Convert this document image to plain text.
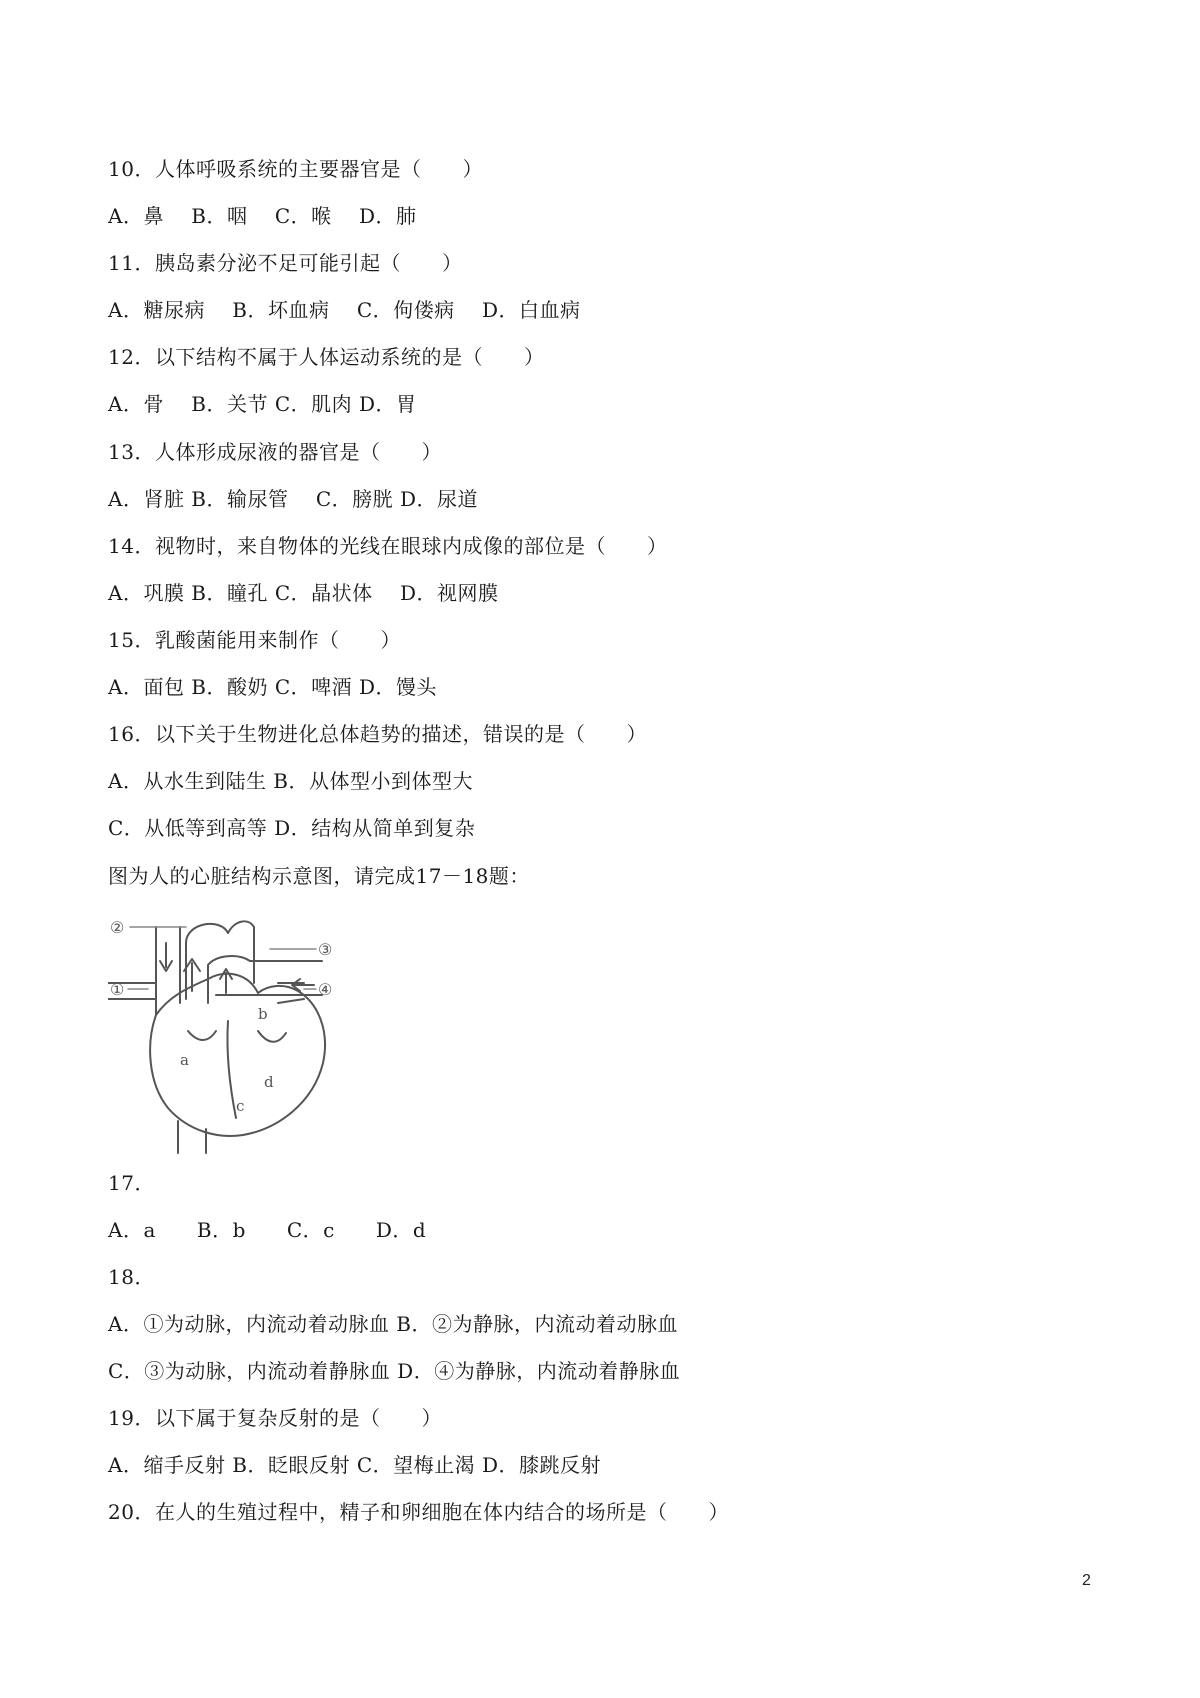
10．人体呼吸系统的主要器官是（　　）
A．鼻　 B．咽　 C．喉　 D．肺
11．胰岛素分泌不足可能引起（　　）
A．糖尿病　 B．坏血病　 C．佝偻病　 D．白血病
12．以下结构不属于人体运动系统的是（　　）
A．骨　 B．关节 C．肌肉 D．胃
13．人体形成尿液的器官是（　　）
A．肾脏 B．输尿管　 C．膀胱 D．尿道
14．视物时，来自物体的光线在眼球内成像的部位是（　　）
A．巩膜 B．瞳孔 C．晶状体　 D．视网膜
15．乳酸菌能用来制作（　　）
A．面包 B．酸奶 C．啤酒 D．馒头
16．以下关于生物进化总体趋势的描述，错误的是（　　）
A．从水生到陆生 B．从体型小到体型大
C．从低等到高等 D．结构从简单到复杂
图为人的心脏结构示意图，请完成17－18题：
②
①
③
④
a
b
c
d
17．
A．a　　B．b　　C．c　　D．d
18．
A．①为动脉，内流动着动脉血 B．②为静脉，内流动着动脉血
C．③为动脉，内流动着静脉血 D．④为静脉，内流动着静脉血
19．以下属于复杂反射的是（　　）
A．缩手反射 B．眨眼反射 C．望梅止渴 D．膝跳反射
20．在人的生殖过程中，精子和卵细胞在体内结合的场所是（　　）
2
